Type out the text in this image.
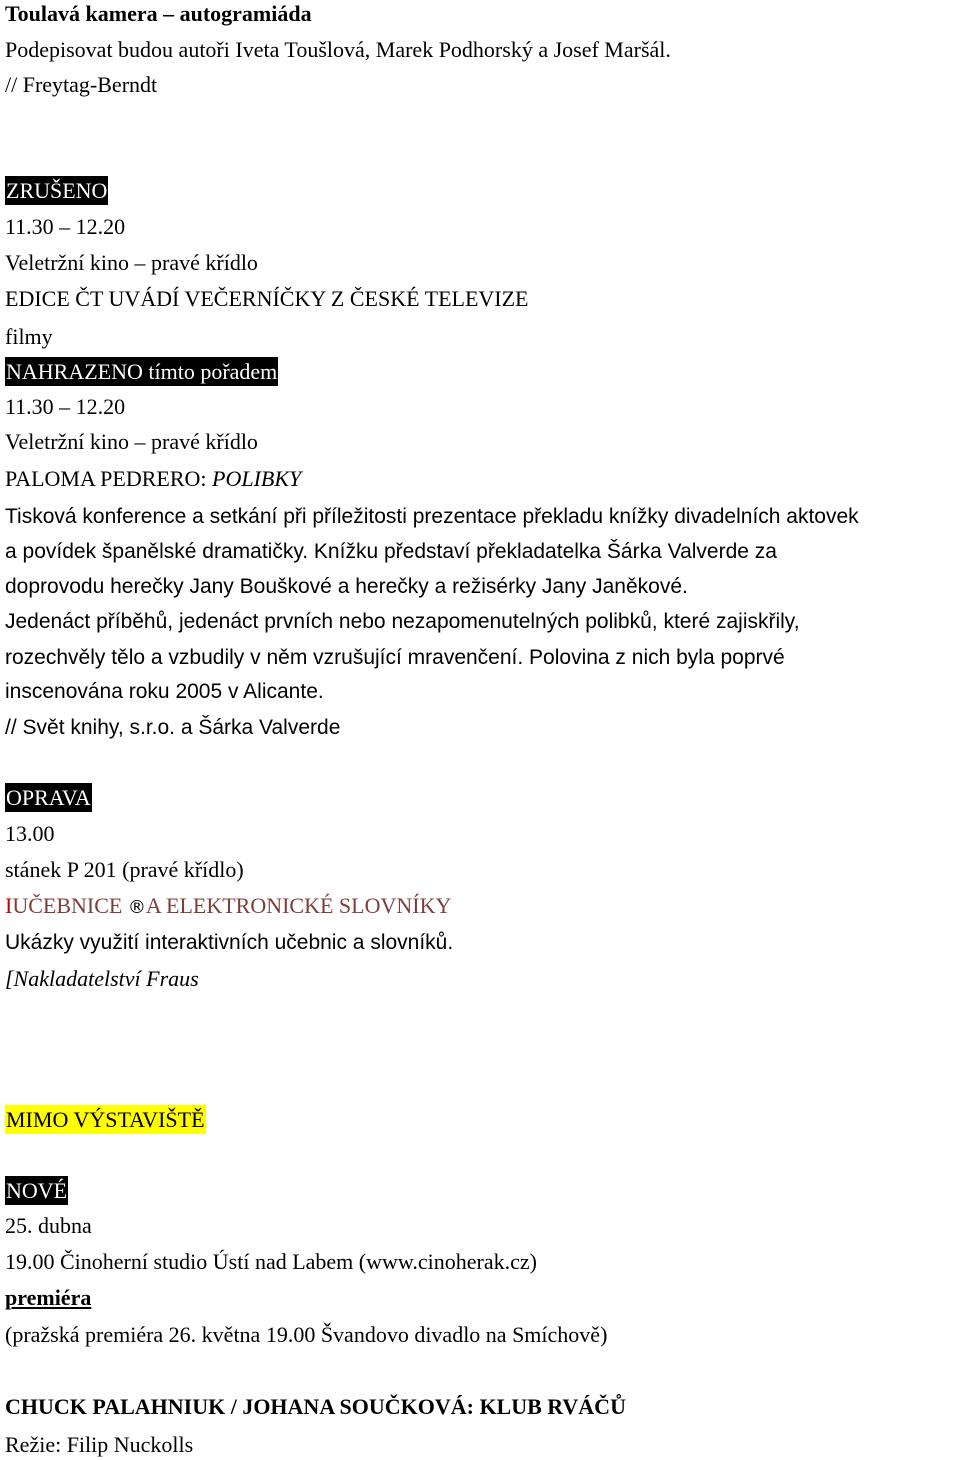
Toulavá kamera – autogramiáda
Podepisovat budou autoři Iveta Toušlová, Marek Podhorský a Josef Maršál.
// Freytag-Berndt
ZRUŠENO
11.30 – 12.20
Veletržní kino – pravé křídlo
EDICE ČT UVÁDÍ VEČERNÍČKY Z ČESKÉ TELEVIZE
filmy
NAHRAZENO tímto pořadem
11.30 – 12.20
Veletržní kino – pravé křídlo
PALOMA PEDRERO: POLIBKY
Tisková konference a setkání při příležitosti prezentace překladu knížky divadelních aktovek
a povídek španělské dramatičky. Knížku představí překladatelka Šárka Valverde za
doprovodu herečky Jany Bouškové a herečky a režisérky Jany Janěkové.
Jedenáct příběhů, jedenáct prvních nebo nezapomenutelných polibků, které zajiskřily,
rozechvěly tělo a vzbudily v něm vzrušující mravenčení. Polovina z nich byla poprvé
inscenována roku 2005 v Alicante.
// Svět knihy, s.r.o. a Šárka Valverde
OPRAVA
13.00
stánek P 201 (pravé křídlo)
IUČEBNICE ®A ELEKTRONICKÉ SLOVNÍKY
Ukázky využití interaktivních učebnic a slovníků.
[Nakladatelství Fraus
MIMO VÝSTAVIŠTĚ
NOVÉ
25. dubna
19.00 Činoherní studio Ústí nad Labem (www.cinoherak.cz)
premiéra
(pražská premiéra 26. května 19.00 Švandovo divadlo na Smíchově)
CHUCK PALAHNIUK / JOHANA SOUČKOVÁ: KLUB RVÁČŮ
Režie: Filip Nuckolls
